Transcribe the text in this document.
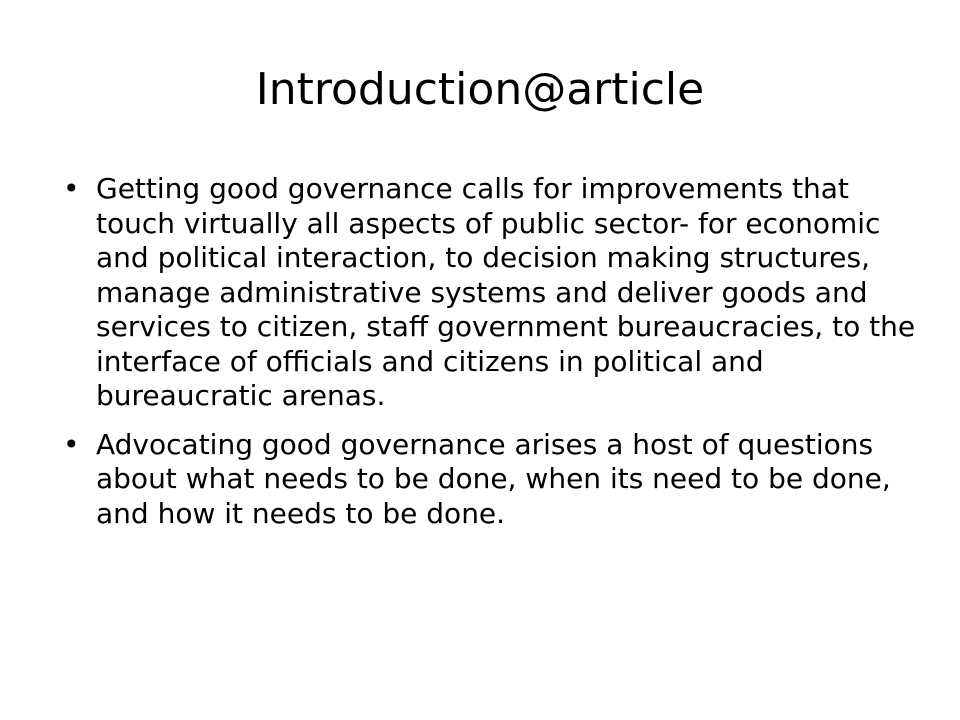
Introduction@article
• Getting good governance calls for improvements that touch virtually all aspects of public sector- for economic and political interaction, to decision making structures, manage administrative systems and deliver goods and services to citizen, staff government bureaucracies, to the interface of officials and citizens in political and bureaucratic arenas.
• Advocating good governance arises a host of questions about what needs to be done, when its need to be done, and how it needs to be done.
